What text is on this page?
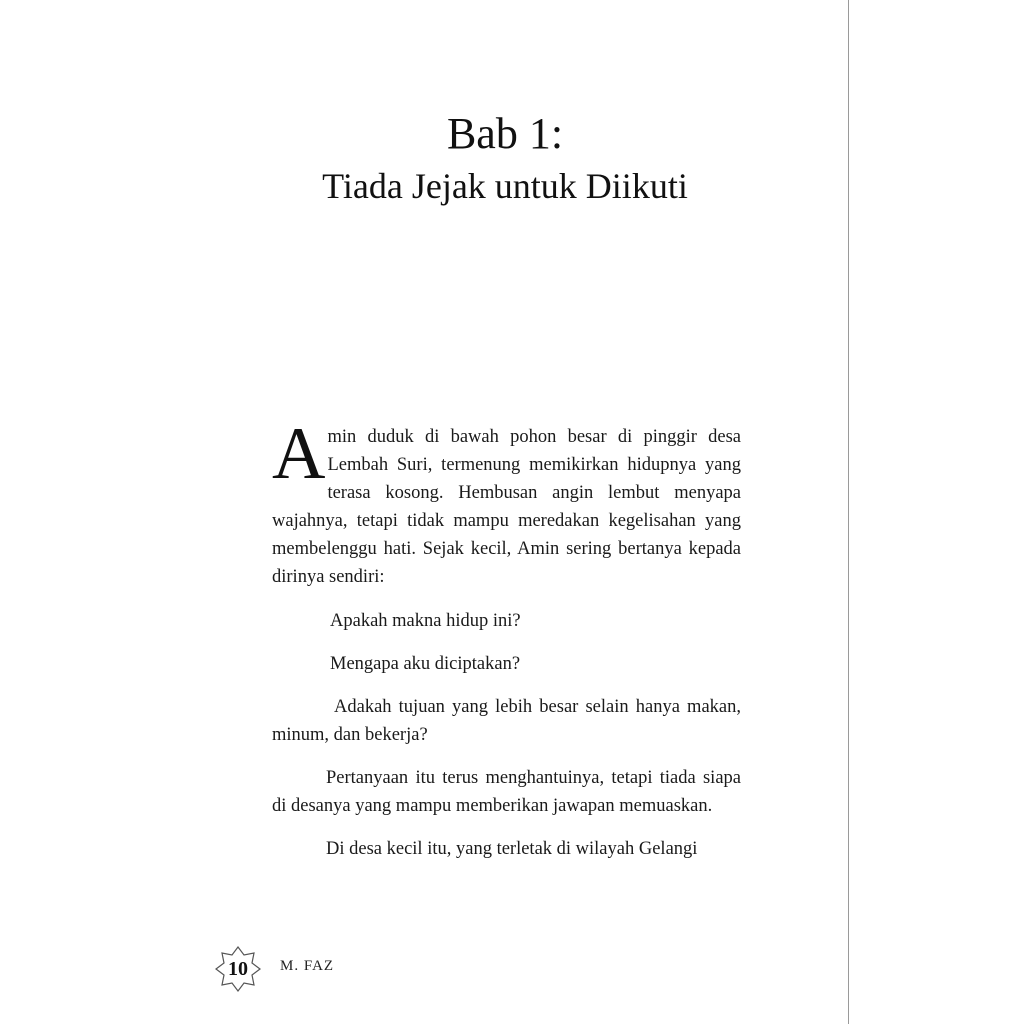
Bab 1:
Tiada Jejak untuk Diikuti

Amin duduk di bawah pohon besar di pinggir desa Lembah Suri, termenung memikirkan hidupnya yang terasa kosong. Hembusan angin lembut menyapa wajahnya, tetapi tidak mampu meredakan kegelisahan yang membelenggu hati. Sejak kecil, Amin sering bertanya kepada dirinya sendiri:

Apakah makna hidup ini?

Mengapa aku diciptakan?

Adakah tujuan yang lebih besar selain hanya makan, minum, dan bekerja?

Pertanyaan itu terus menghantuinya, tetapi tiada siapa di desanya yang mampu memberikan jawapan memuaskan.

Di desa kecil itu, yang terletak di wilayah Gelangi

10	M. FAZ
